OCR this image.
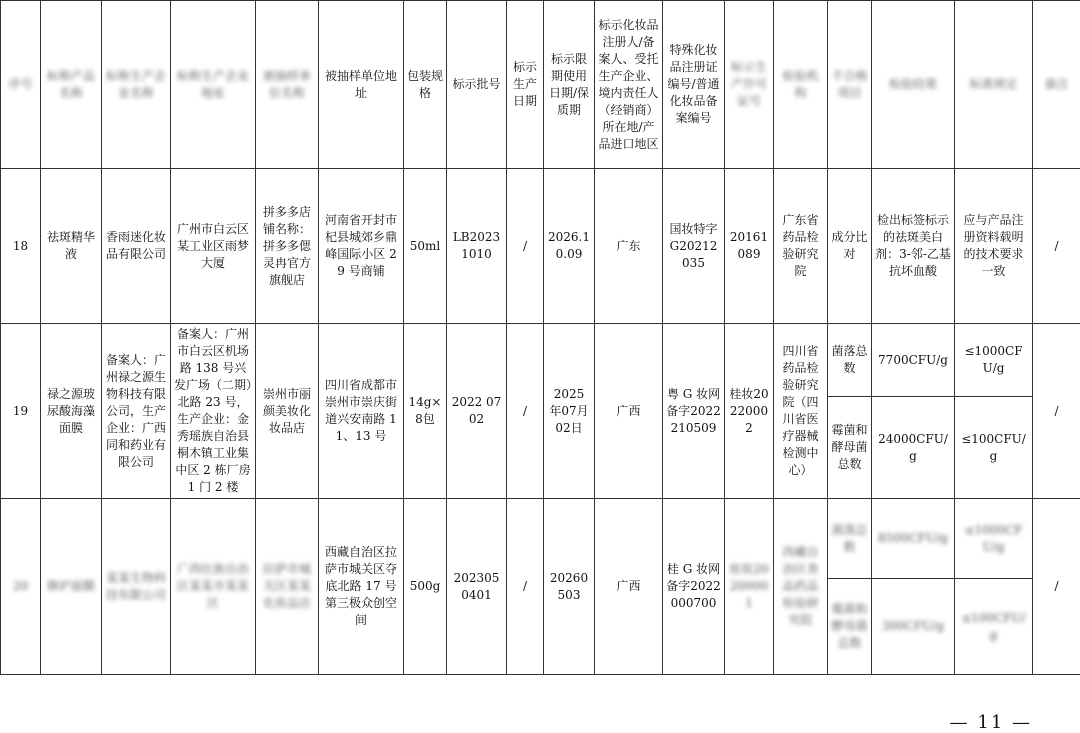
序号	标称产品名称	标称生产企业名称	标称生产企业地址	被抽样单位名称	被抽样单位地址	包装规格	标示批号	标示生产日期	标示限期使用日期/保质期	标示化妆品注册人/备案人、受托生产企业、境内责任人（经销商）所在地/产品进口地区	特殊化妆品注册证编号/普通化妆品备案编号	标示生产许可证号	检验机构	不合格项目	检验结果	标准规定	备注
18	祛斑精华液	香雨迷化妆品有限公司	广州市白云区某工业区雨梦大厦	拼多多店铺名称：拼多多偲灵冉官方旗舰店	河南省开封市杞县城郊乡鼎峰国际小区 29 号商铺	50ml	LB20231010	/	2026.10.09	广东	国妆特字G20212035	20161089	广东省药品检验研究院	成分比对	检出标签标示的祛斑美白剂：3-邻-乙基抗坏血酸	应与产品注册资料载明的技术要求一致	/
19	禄之源玻尿酸海藻面膜	备案人：广州禄之源生物科技有限公司，生产企业：广西同和药业有限公司	备案人：广州市白云区机场路 138 号兴发广场（二期）北路 23 号，生产企业：金秀瑶族自治县桐木镇工业集中区 2 栋厂房 1 门 2 楼	崇州市丽颜美妆化妆品店	四川省成都市崇州市崇庆街道兴安南路 11、13 号	14g×8包	2022 07 02	/	2025 年07月 02日	广西	粤 G 妆网备字2022210509	桂妆20220002	四川省药品检验研究院（四川省医疗器械检测中心）	菌落总数	7700CFU/g	≤1000CFU/g	/
														霉菌和酵母菌总数	24000CFU/g	≤100CFU/g	
20	修护面膜	某某生物科技有限公司	广西壮族自治区某某市某某区	拉萨市城关区某某化妆品店	西藏自治区拉萨市城关区夺底北路 17 号第三极众创空间	500g	2023050401	/	20260503	广西	桂 G 妆网备字2022000700	桂妆20200001	西藏自治区食品药品检验研究院	菌落总数	8500CFU/g	≤1000CFU/g	/
														霉菌和酵母菌总数	300CFU/g	≤100CFU/g	
— 11 —
